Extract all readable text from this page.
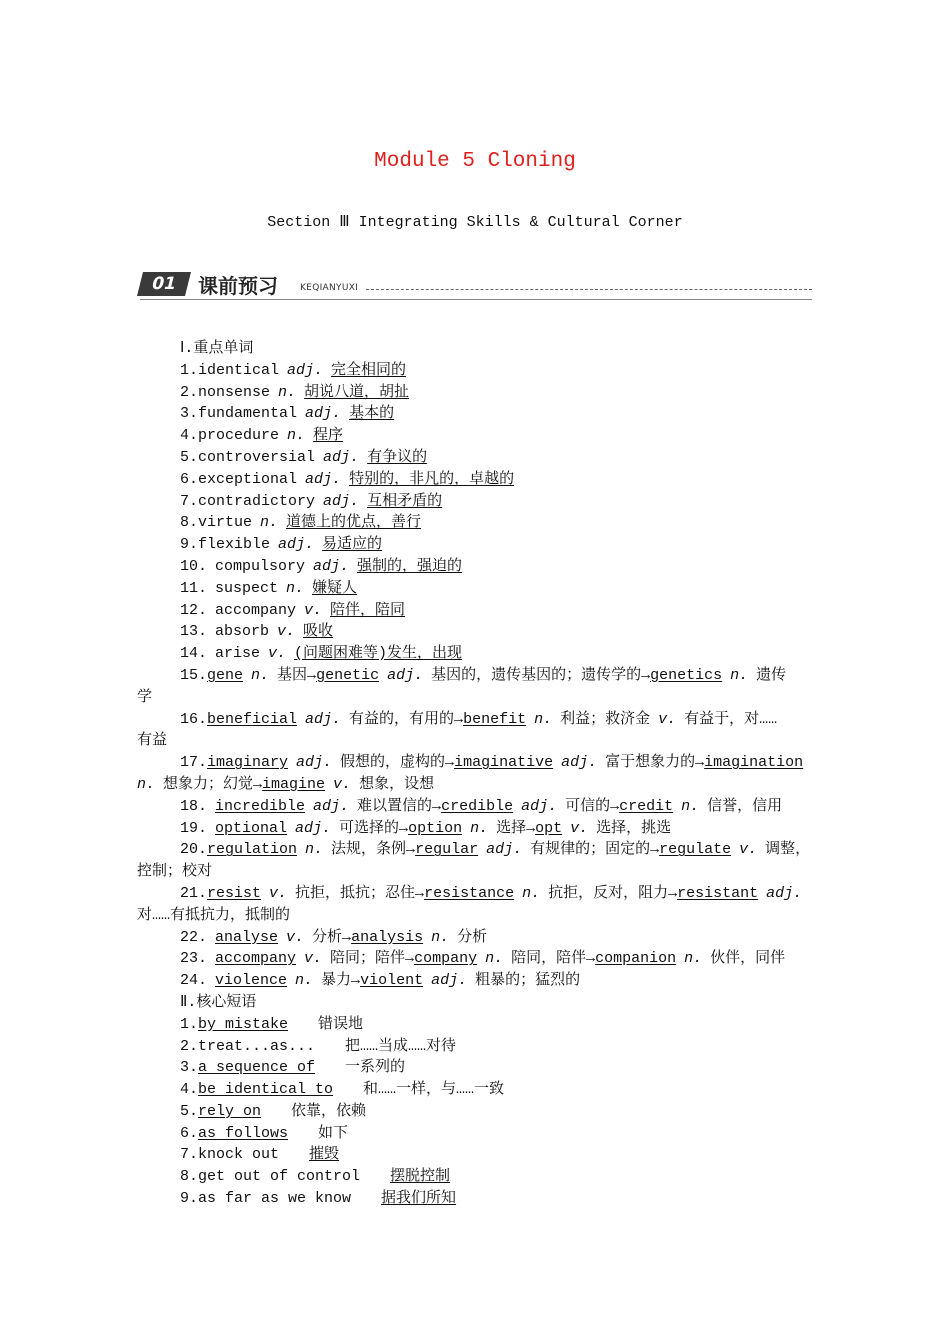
Module 5 Cloning
Section Ⅲ Integrating Skills & Cultural Corner
01 课前预习 KEQIANYUXI
Ⅰ.重点单词
1.identical adj. 完全相同的
2.nonsense n. 胡说八道，胡扯
3.fundamental adj. 基本的
4.procedure n. 程序
5.controversial adj. 有争议的
6.exceptional adj. 特别的，非凡的，卓越的
7.contradictory adj. 互相矛盾的
8.virtue n. 道德上的优点，善行
9.flexible adj. 易适应的
10. compulsory adj. 强制的，强迫的
11. suspect n. 嫌疑人
12. accompany v. 陪伴，陪同
13. absorb v. 吸收
14. arise v. (问题困难等)发生，出现
15.gene n. 基因→genetic adj. 基因的，遗传基因的；遗传学的→genetics n. 遗传
学
16.beneficial adj. 有益的，有用的→benefit n. 利益；救济金 v. 有益于，对……
有益
17.imaginary adj. 假想的，虚构的→imaginative adj. 富于想象力的→imagination
n. 想象力；幻觉→imagine v. 想象，设想
18. incredible adj. 难以置信的→credible adj. 可信的→credit n. 信誉，信用
19. optional adj. 可选择的→option n. 选择→opt v. 选择，挑选
20.regulation n. 法规，条例→regular adj. 有规律的；固定的→regulate v. 调整，
控制；校对
21.resist v. 抗拒，抵抗；忍住→resistance n. 抗拒，反对，阻力→resistant adj.
对……有抵抗力，抵制的
22. analyse v. 分析→analysis n. 分析
23. accompany v. 陪同；陪伴→company n. 陪同，陪伴→companion n. 伙伴，同伴
24. violence n. 暴力→violent adj. 粗暴的；猛烈的
Ⅱ.核心短语
1.by mistake 错误地
2.treat...as... 把……当成……对待
3.a sequence of 一系列的
4.be identical to 和……一样，与……一致
5.rely on 依靠，依赖
6.as follows 如下
7.knock out 摧毁
8.get out of control 摆脱控制
9.as far as we know 据我们所知
